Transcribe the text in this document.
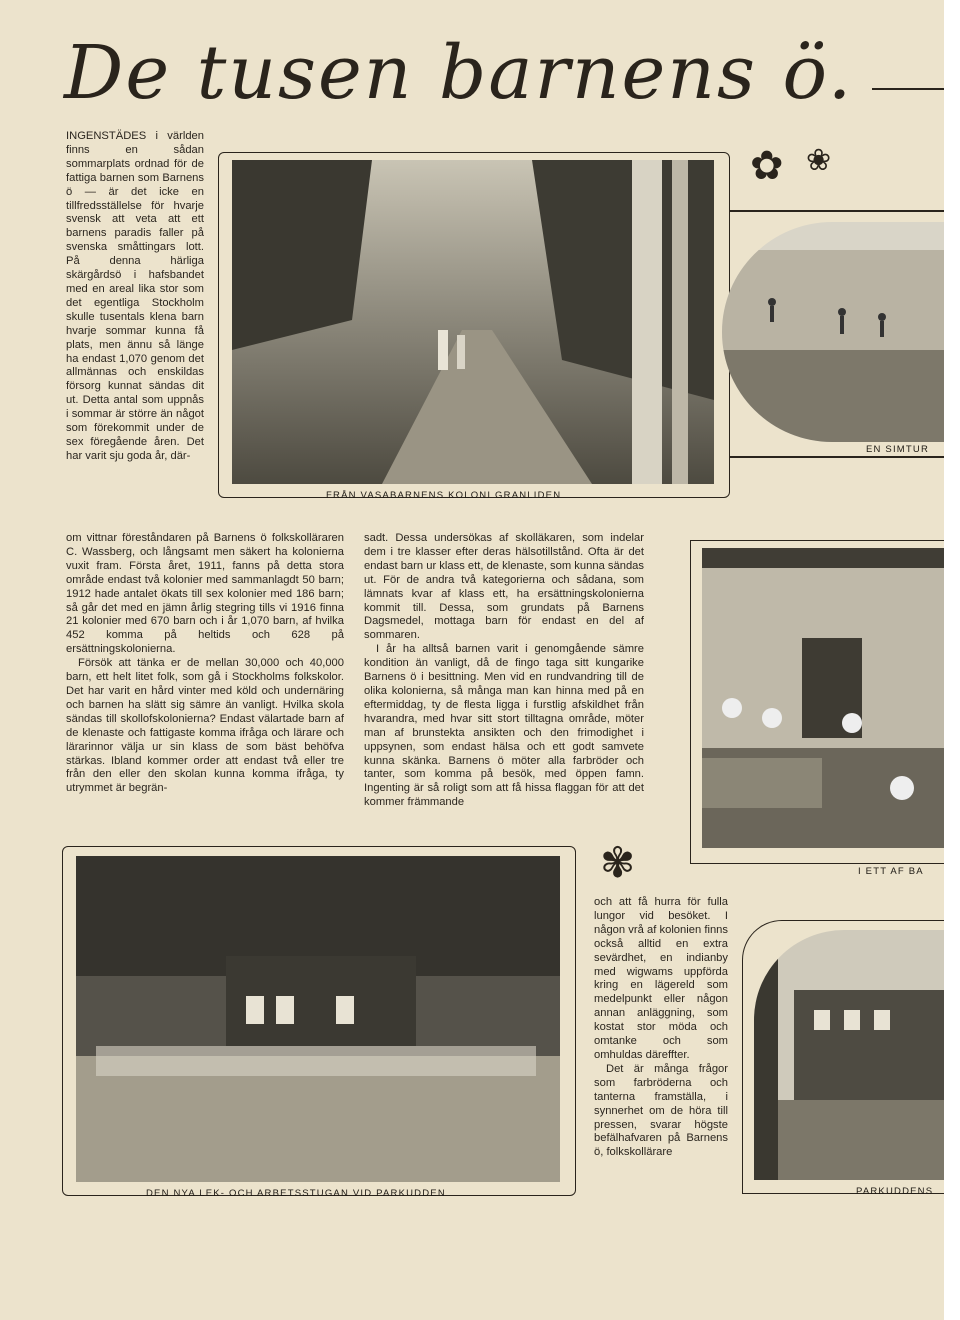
De tusen barnens ö.

INGENSTÄDES i världen finns en sådan sommarplats ordnad för de fattiga barnen som Barnens ö — är det icke en tillfredsställelse för hvarje svensk att veta att ett barnens paradis faller på svenska småttingars lott. På denna härliga skärgårdsö i hafsbandet med en areal lika stor som det egentliga Stockholm skulle tusentals klena barn hvarje sommar kunna få plats, men ännu så länge ha endast 1,070 genom det allmännas och enskildas försorg kunnat sändas dit ut. Detta antal som uppnås i sommar är större än något som förekommit under de sex föregående åren. Det har varit sju goda år, där-

FRÅN VASABARNENS KOLONI GRANLIDEN
EN SIMTUR
✿ ❀

om vittnar föreståndaren på Barnens ö folkskolläraren C. Wassberg, och långsamt men säkert ha kolonierna vuxit fram. Första året, 1911, fanns på detta stora område endast två kolonier med sammanlagdt 50 barn; 1912 hade antalet ökats till sex kolonier med 186 barn; så går det med en jämn årlig stegring tills vi 1916 finna 21 kolonier med 670 barn och i år 1,070 barn, af hvilka 452 komma på heltids och 628 på ersättningskolonierna.

Försök att tänka er de mellan 30,000 och 40,000 barn, ett helt litet folk, som gå i Stockholms folkskolor. Det har varit en hård vinter med köld och undernäring och barnen ha slätt sig sämre än vanligt. Hvilka skola sändas till skollofskolonierna? Endast välartade barn af de klenaste och fattigaste komma ifråga och lärare och lärarinnor välja ur sin klass de som bäst behöfva stärkas. Ibland kommer order att endast två eller tre från den eller den skolan kunna komma ifråga, ty utrymmet är begrän-

sadt. Dessa undersökas af skolläkaren, som indelar dem i tre klasser efter deras hälsotillstånd. Ofta är det endast barn ur klass ett, de klenaste, som kunna sändas ut. För de andra två kategorierna och sådana, som lämnats kvar af klass ett, ha ersättningskolonierna kommit till. Dessa, som grundats på Barnens Dagsmedel, mottaga barn för endast en del af sommaren.

I år ha alltså barnen varit i genomgående sämre kondition än vanligt, då de fingo taga sitt kungarike Barnens ö i besittning. Men vid en rundvandring till de olika kolonierna, så många man kan hinna med på en eftermiddag, ty de flesta ligga i furstlig afskildhet från hvarandra, med hvar sitt stort tilltagna område, möter man af brunstekta ansikten och den frimodighet i uppsynen, som endast hälsa och ett godt samvete kunna skänka. Barnens ö möter alla farbröder och tanter, som komma på besök, med öppen famn. Ingenting är så roligt som att få hissa flaggan för att det kommer främmande

I ETT AF BA
✾
DEN NYA LEK- OCH ARBETSSTUGAN VID PARKUDDEN

och att få hurra för fulla lungor vid besöket. I någon vrå af kolonien finns också alltid en extra sevärdhet, en indianby med wigwams uppförda kring en lägereld som medelpunkt eller någon annan anläggning, som kostat stor möda och omtanke och som omhuldas däreffter.

Det är många frågor som farbröderna och tanterna framställa, i synnerhet om de höra till pressen, svarar högste befälhafvaren på Barnens ö, folkskollärare

PARKUDDENS
